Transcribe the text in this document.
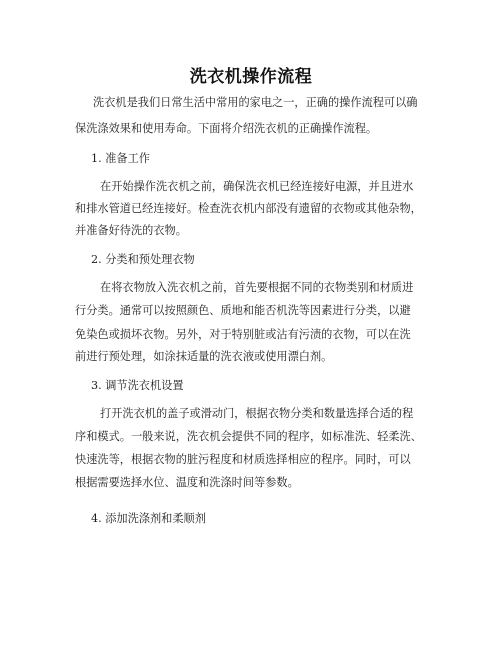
洗衣机操作流程
洗衣机是我们日常生活中常用的家电之一，正确的操作流程可以确
保洗涤效果和使用寿命。下面将介绍洗衣机的正确操作流程。
1. 准备工作
在开始操作洗衣机之前，确保洗衣机已经连接好电源，并且进水
和排水管道已经连接好。检查洗衣机内部没有遗留的衣物或其他杂物，
并准备好待洗的衣物。
2. 分类和预处理衣物
在将衣物放入洗衣机之前，首先要根据不同的衣物类别和材质进
行分类。通常可以按照颜色、质地和能否机洗等因素进行分类，以避
免染色或损坏衣物。另外，对于特别脏或沾有污渍的衣物，可以在洗
前进行预处理，如涂抹适量的洗衣液或使用漂白剂。
3. 调节洗衣机设置
打开洗衣机的盖子或滑动门，根据衣物分类和数量选择合适的程
序和模式。一般来说，洗衣机会提供不同的程序，如标准洗、轻柔洗、
快速洗等，根据衣物的脏污程度和材质选择相应的程序。同时，可以
根据需要选择水位、温度和洗涤时间等参数。
4. 添加洗涤剂和柔顺剂
